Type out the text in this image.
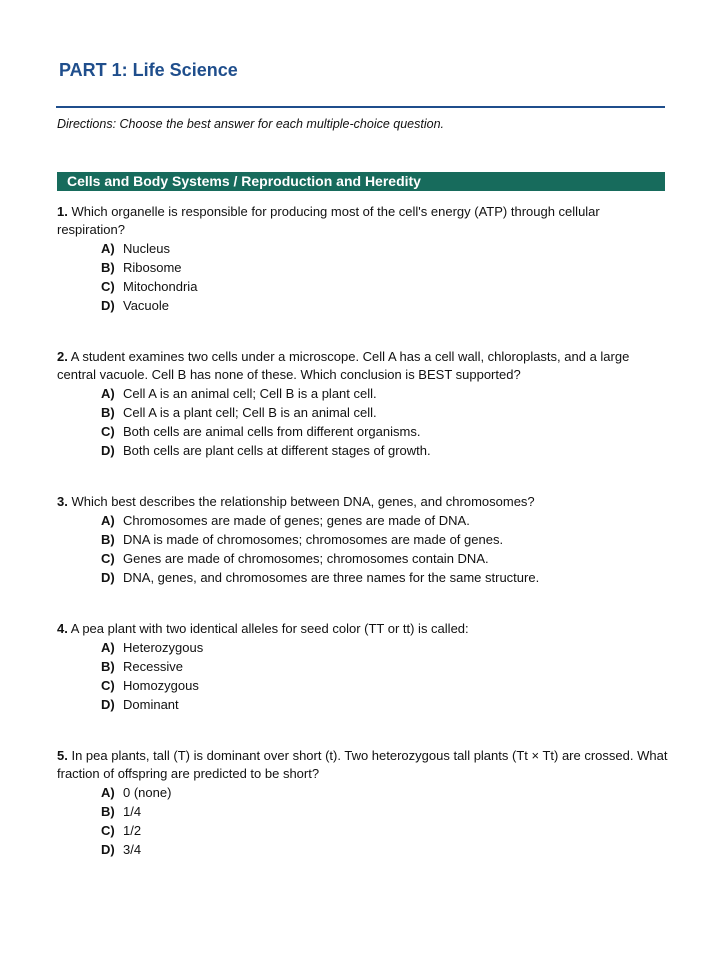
PART 1: Life Science
Directions: Choose the best answer for each multiple-choice question.
Cells and Body Systems / Reproduction and Heredity

1. Which organelle is responsible for producing most of the cell's energy (ATP) through cellular respiration?

A) Nucleus
B) Ribosome
C) Mitochondria
D) Vacuole

2. A student examines two cells under a microscope. Cell A has a cell wall, chloroplasts, and a large central vacuole. Cell B has none of these. Which conclusion is BEST supported?

A) Cell A is an animal cell; Cell B is a plant cell.
B) Cell A is a plant cell; Cell B is an animal cell.
C) Both cells are animal cells from different organisms.
D) Both cells are plant cells at different stages of growth.

3. Which best describes the relationship between DNA, genes, and chromosomes?

A) Chromosomes are made of genes; genes are made of DNA.
B) DNA is made of chromosomes; chromosomes are made of genes.
C) Genes are made of chromosomes; chromosomes contain DNA.
D) DNA, genes, and chromosomes are three names for the same structure.

4. A pea plant with two identical alleles for seed color (TT or tt) is called:

A) Heterozygous
B) Recessive
C) Homozygous
D) Dominant

5. In pea plants, tall (T) is dominant over short (t). Two heterozygous tall plants (Tt × Tt) are crossed. What fraction of offspring are predicted to be short?

A) 0 (none)
B) 1/4
C) 1/2
D) 3/4
